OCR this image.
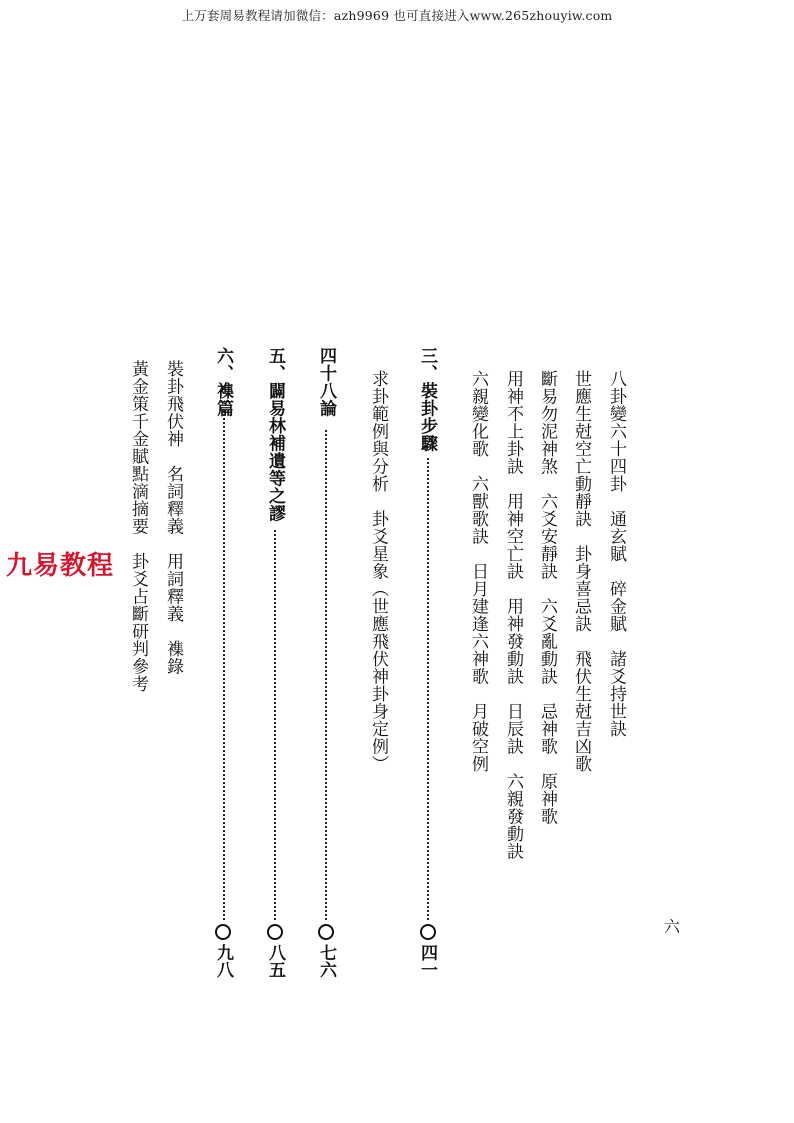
上万套周易教程请加微信：azh9969 也可直接进入www.265zhouyiw.com
八卦變六十四卦　通玄賦　碎金賦　諸爻持世訣
世應生尅空亡動靜訣　卦身喜忌訣　飛伏生尅吉凶歌
斷易勿泥神煞　六爻安靜訣　六爻亂動訣　忌神歌　原神歌
用神不上卦訣　用神空亡訣　用神發動訣　日辰訣　六親發動訣
六親變化歌　六獸歌訣　日月建逢六神歌　月破空例
三、裝卦步驟
四一
求卦範例與分析　卦爻星象（世應飛伏神卦身定例）
四十八論
七六
五、闢易林補遺等之謬
八五
六、襍篇
九八
裝卦飛伏神　名詞釋義　用詞釋義　襍錄
黃金策千金賦點滴摘要　卦爻占斷研判參考
六
九易教程
